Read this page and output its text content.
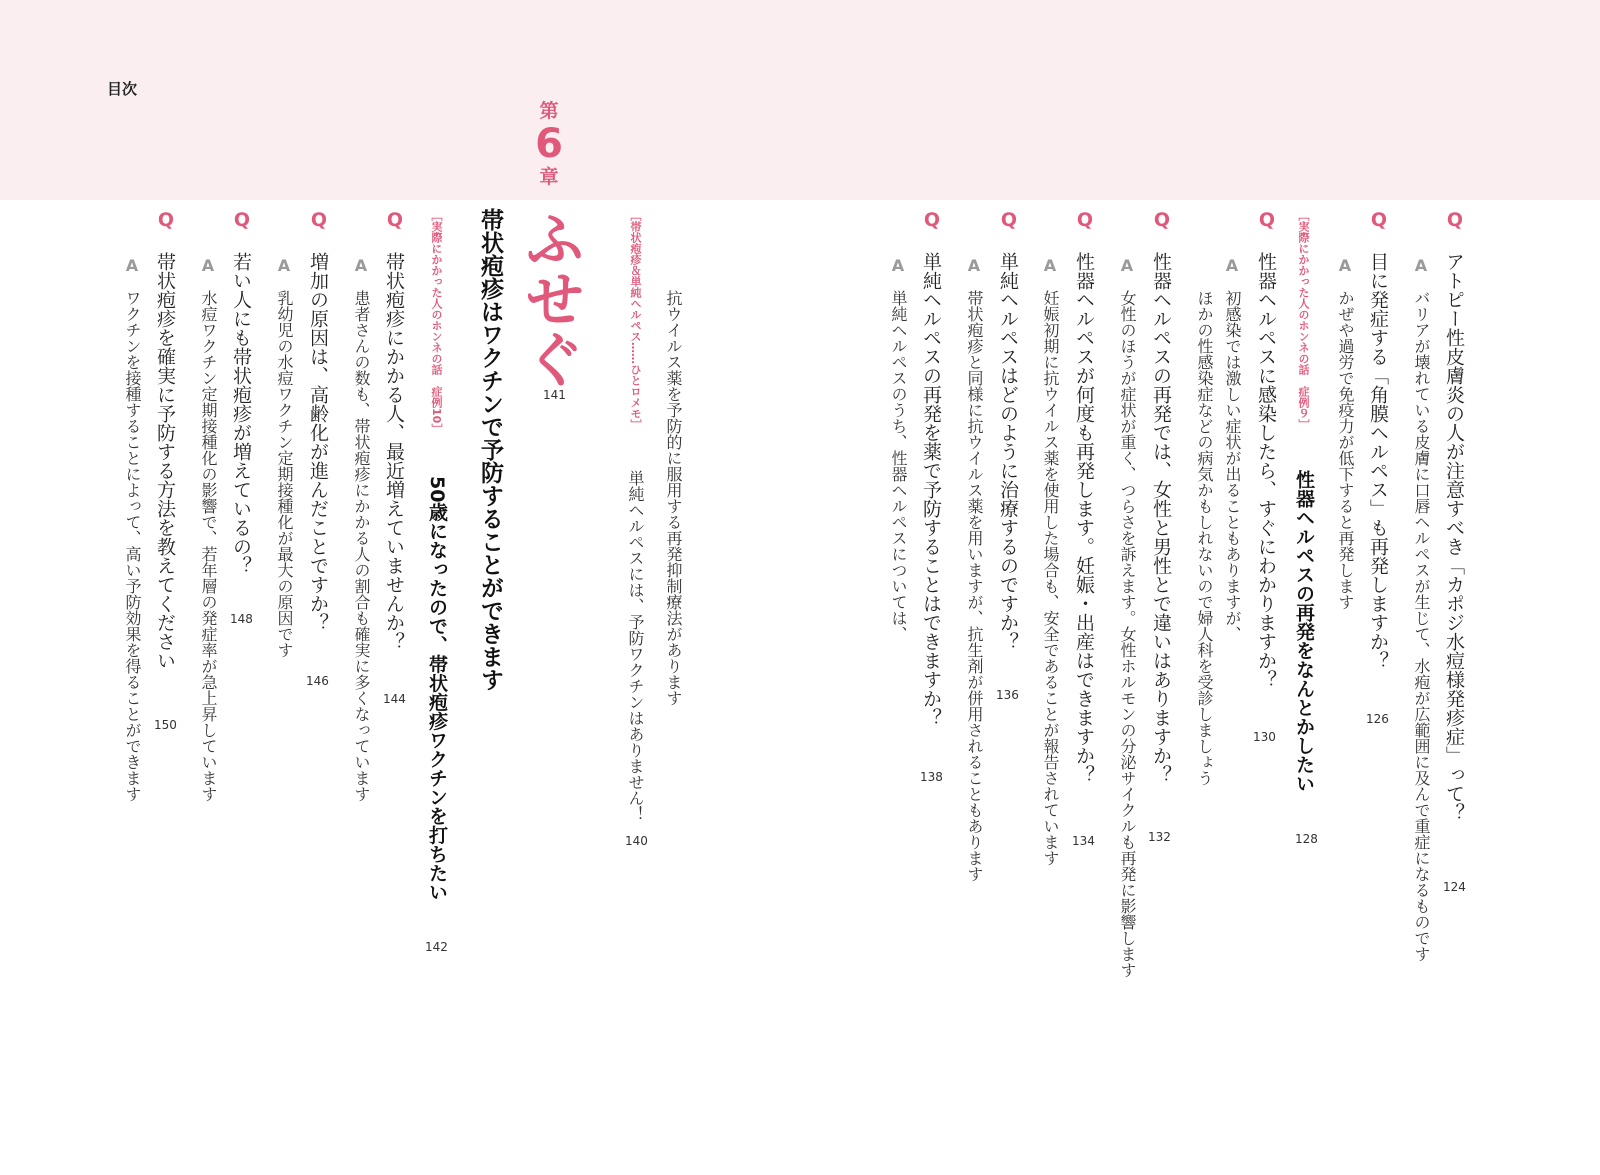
目次
第
6
章
ふせぐ
141
帯状疱疹はワクチンで予防することができます	Q
アトピー性皮膚炎の人が注意すべき「カポジ水痘様発疹症」って？
124
A
バリアが壊れている皮膚に口唇ヘルペスが生じて、水疱が広範囲に及んで重症になるものです
Q
目に発症する「角膜ヘルペス」も再発しますか？
126
A
かぜや過労で免疫力が低下すると再発します
［実際にかかった人のホンネの話　症例９］
性器ヘルペスの再発をなんとかしたい
128
Q
性器ヘルペスに感染したら、すぐにわかりますか？
130
A
初感染では激しい症状が出ることもありますが、
ほかの性感染症などの病気かもしれないので婦人科を受診しましょう
Q
性器ヘルペスの再発では、女性と男性とで違いはありますか？
132
A
女性のほうが症状が重く、つらさを訴えます。女性ホルモンの分泌サイクルも再発に影響します
Q
性器ヘルペスが何度も再発します。妊娠・出産はできますか？
134
A
妊娠初期に抗ウイルス薬を使用した場合も、安全であることが報告されています
Q
単純ヘルペスはどのように治療するのですか？
136
A
帯状疱疹と同様に抗ウイルス薬を用いますが、抗生剤が併用されることもあります
Q
単純ヘルペスの再発を薬で予防することはできますか？
138
A
単純ヘルペスのうち、性器ヘルペスについては、
抗ウイルス薬を予防的に服用する再発抑制療法があります
［帯状疱疹＆単純ヘルペス……ひとロメモ］
単純ヘルペスには、予防ワクチンはありません！
140
［実際にかかった人のホンネの話　症例10］
50歳になったので、帯状疱疹ワクチンを打ちたい
142
Q
帯状疱疹にかかる人、最近増えていませんか？
144
A
患者さんの数も、帯状疱疹にかかる人の割合も確実に多くなっています
Q
増加の原因は、高齢化が進んだことですか？
146
A
乳幼児の水痘ワクチン定期接種化が最大の原因です
Q
若い人にも帯状疱疹が増えているの？
148
A
水痘ワクチン定期接種化の影響で、若年層の発症率が急上昇しています
Q
帯状疱疹を確実に予防する方法を教えてください
150
A
ワクチンを接種することによって、高い予防効果を得ることができます
